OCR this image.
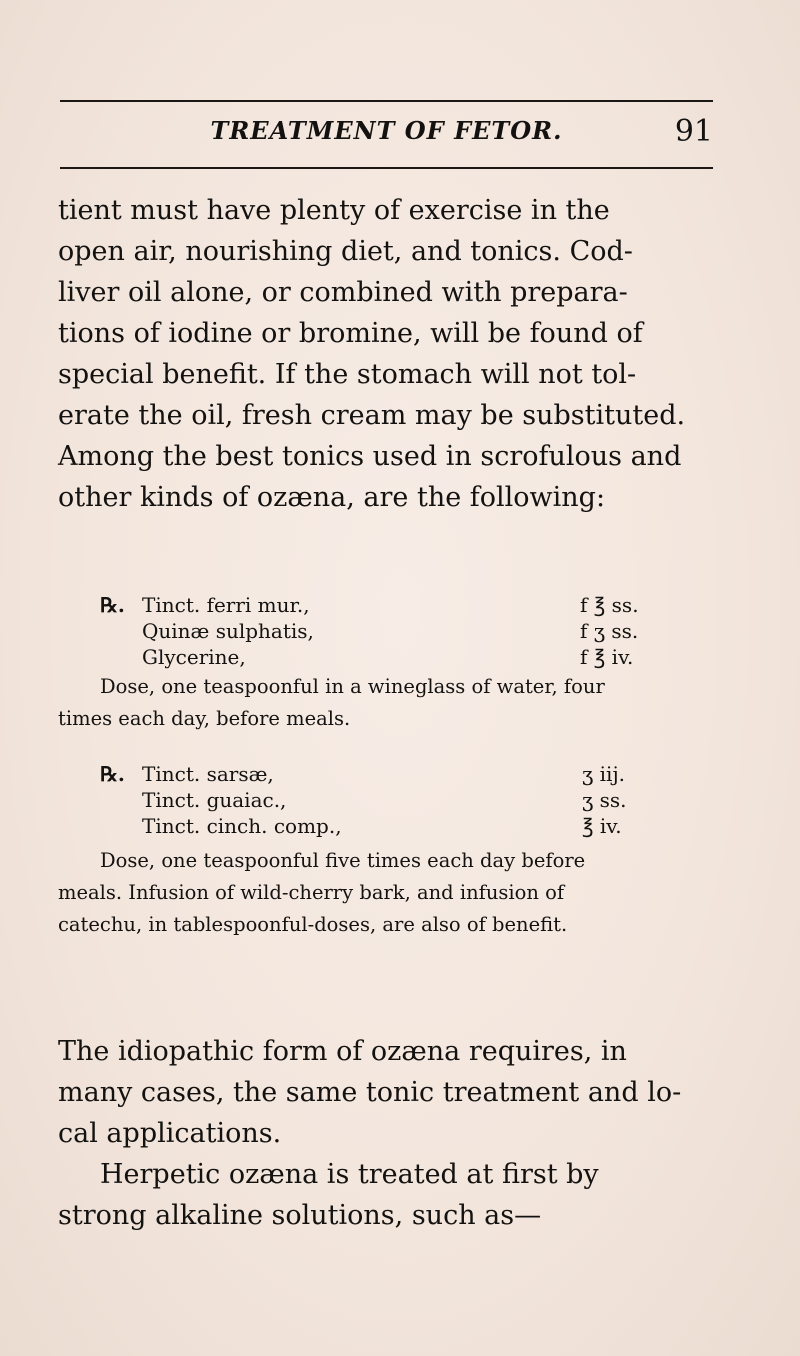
TREATMENT OF FETOR.	91
tient must have plenty of exercise in the
open air, nourishing diet, and tonics. Cod-
liver oil alone, or combined with prepara-
tions of iodine or bromine, will be found of
special benefit. If the stomach will not tol-
erate the oil, fresh cream may be substituted.
Among the best tonics used in scrofulous and
other kinds of ozæna, are the following:
℞. Tinct. ferri mur.,	f ℥ ss.
Quinæ sulphatis,	f ʒ ss.
Glycerine,	f ℥ iv.
Dose, one teaspoonful in a wineglass of water, four
times each day, before meals.
℞. Tinct. sarsæ,	ʒ iij.
Tinct. guaiac.,	ʒ ss.
Tinct. cinch. comp.,	℥ iv.
Dose, one teaspoonful five times each day before
meals. Infusion of wild-cherry bark, and infusion of
catechu, in tablespoonful-doses, are also of benefit.
The idiopathic form of ozæna requires, in
many cases, the same tonic treatment and lo-
cal applications.
Herpetic ozæna is treated at first by
strong alkaline solutions, such as—
